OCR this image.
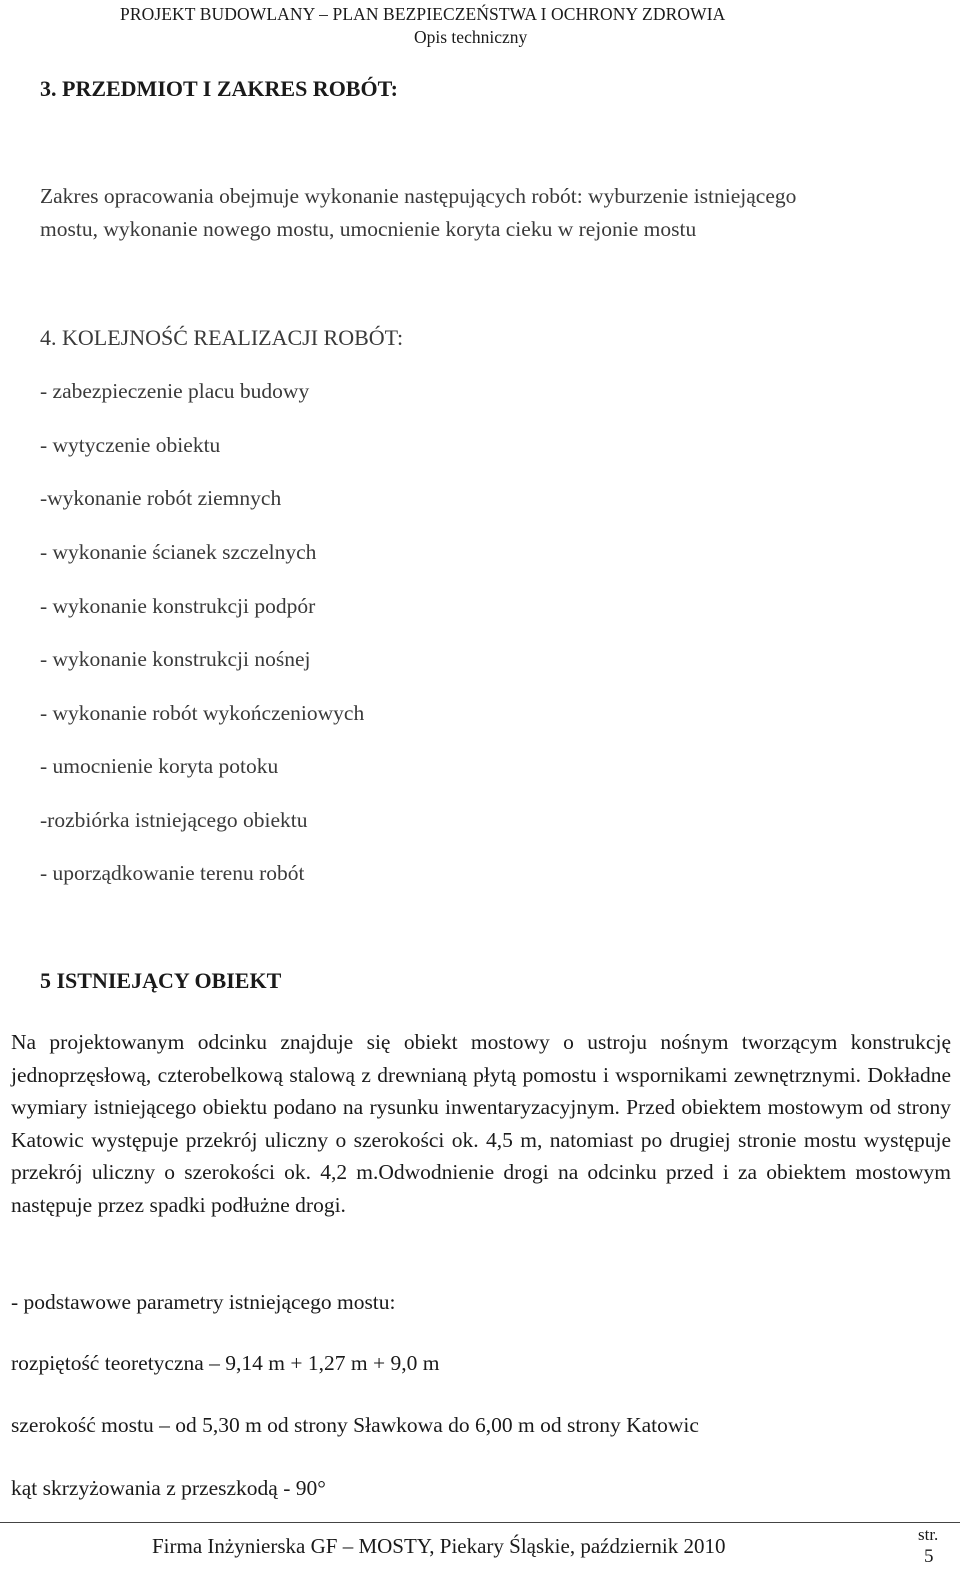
PROJEKT BUDOWLANY – PLAN BEZPIECZEŃSTWA I OCHRONY ZDROWIA
Opis techniczny
3. PRZEDMIOT I ZAKRES ROBÓT:
Zakres opracowania obejmuje wykonanie następujących robót: wyburzenie istniejącego
mostu, wykonanie nowego mostu, umocnienie koryta cieku w rejonie mostu
4. KOLEJNOŚĆ REALIZACJI ROBÓT:
- zabezpieczenie placu budowy
- wytyczenie obiektu
-wykonanie robót ziemnych
- wykonanie ścianek szczelnych
- wykonanie konstrukcji podpór
- wykonanie konstrukcji nośnej
- wykonanie robót wykończeniowych
- umocnienie koryta potoku
-rozbiórka istniejącego obiektu
- uporządkowanie terenu robót
5 ISTNIEJĄCY OBIEKT
Na projektowanym odcinku znajduje się obiekt mostowy o ustroju nośnym tworzącym konstrukcję jednoprzęsłową, czterobelkową stalową z drewnianą płytą pomostu i wspornikami zewnętrznymi. Dokładne wymiary istniejącego obiektu podano na rysunku inwentaryzacyjnym. Przed obiektem mostowym od strony Katowic występuje przekrój uliczny o szerokości ok. 4,5 m, natomiast po drugiej stronie mostu występuje przekrój uliczny o szerokości ok. 4,2 m.Odwodnienie drogi na odcinku przed i za obiektem mostowym następuje przez spadki podłużne drogi.
- podstawowe parametry istniejącego mostu:
rozpiętość teoretyczna – 9,14 m + 1,27 m + 9,0 m
szerokość mostu – od 5,30 m od strony Sławkowa do 6,00 m od strony Katowic
kąt skrzyżowania z przeszkodą - 90°
Firma Inżynierska GF – MOSTY, Piekary Śląskie, październik 2010	str.
5
